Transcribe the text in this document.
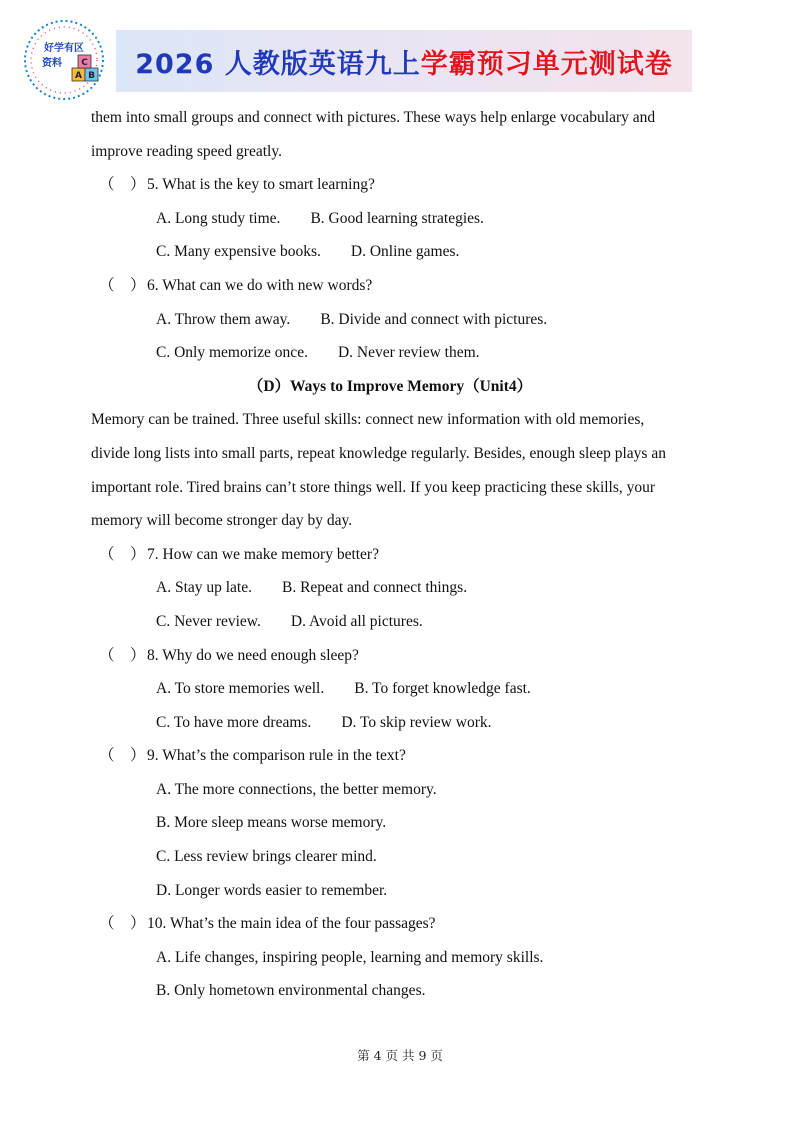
好学有区
资料
A B
C 2026 人教版英语九上学霸预习单元测试卷
them into small groups and connect with pictures. These ways help enlarge vocabulary and
improve reading speed greatly.
（　）5. What is the key to smart learning?
A. Long study time. B. Good learning strategies.
C. Many expensive books. D. Online games.
（　）6. What can we do with new words?
A. Throw them away. B. Divide and connect with pictures.
C. Only memorize once. D. Never review them.
（D）Ways to Improve Memory（Unit4）
Memory can be trained. Three useful skills: connect new information with old memories,
divide long lists into small parts, repeat knowledge regularly. Besides, enough sleep plays an
important role. Tired brains can’t store things well. If you keep practicing these skills, your
memory will become stronger day by day.
（　）7. How can we make memory better?
A. Stay up late. B. Repeat and connect things.
C. Never review. D. Avoid all pictures.
（　）8. Why do we need enough sleep?
A. To store memories well. B. To forget knowledge fast.
C. To have more dreams. D. To skip review work.
（　）9. What’s the comparison rule in the text?
A. The more connections, the better memory.
B. More sleep means worse memory.
C. Less review brings clearer mind.
D. Longer words easier to remember.
（　）10. What’s the main idea of the four passages?
A. Life changes, inspiring people, learning and memory skills.
B. Only hometown environmental changes.
第 4 页 共 9 页
